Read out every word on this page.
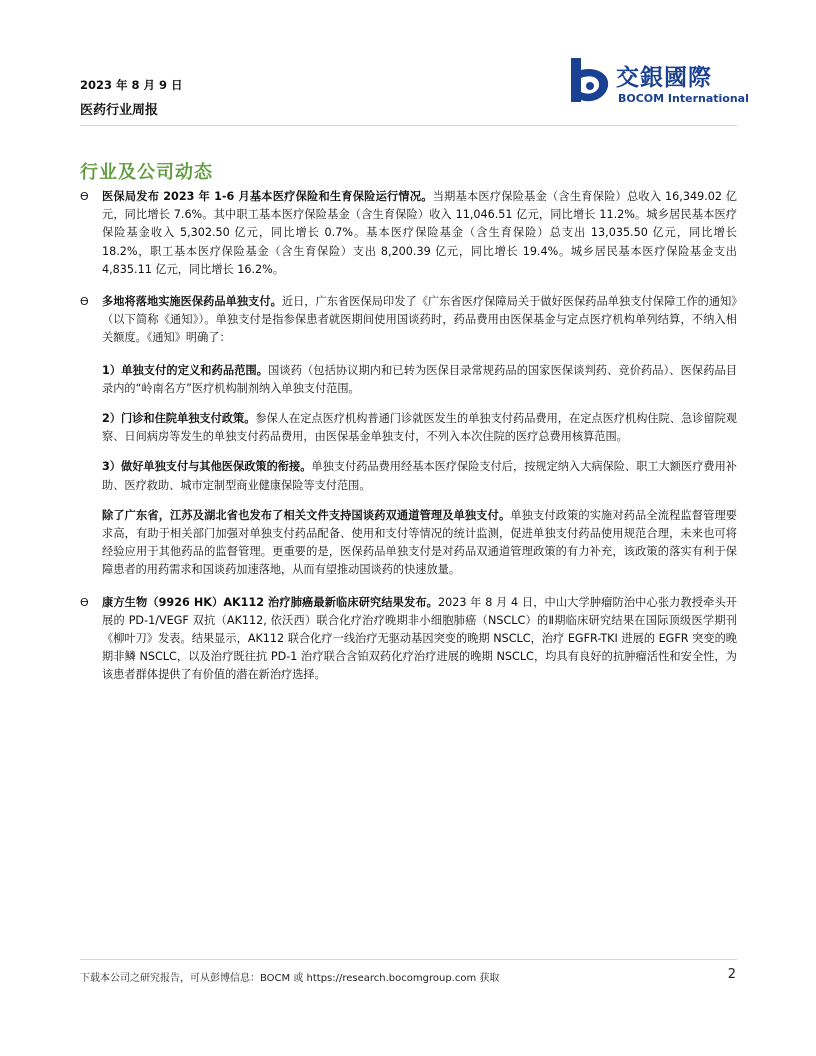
2023 年 8 月 9 日
医药行业周报
交銀國際
BOCOM International
行业及公司动态
ϴ 医保局发布 2023 年 1-6 月基本医疗保险和生育保险运行情况。当期基本医疗保险基金（含生育保险）总收入 16,349.02 亿元，同比增长 7.6%。其中职工基本医疗保险基金（含生育保险）收入 11,046.51 亿元，同比增长 11.2%。城乡居民基本医疗保险基金收入 5,302.50 亿元，同比增长 0.7%。基本医疗保险基金（含生育保险）总支出 13,035.50 亿元，同比增长 18.2%，职工基本医疗保险基金（含生育保险）支出 8,200.39 亿元，同比增长 19.4%。城乡居民基本医疗保险基金支出 4,835.11 亿元，同比增长 16.2%。
ϴ 多地将落地实施医保药品单独支付。近日，广东省医保局印发了《广东省医疗保障局关于做好医保药品单独支付保障工作的通知》（以下简称《通知》）。单独支付是指参保患者就医期间使用国谈药时，药品费用由医保基金与定点医疗机构单列结算，不纳入相关额度。《通知》明确了：
1）单独支付的定义和药品范围。国谈药（包括协议期内和已转为医保目录常规药品的国家医保谈判药、竞价药品）、医保药品目录内的“岭南名方”医疗机构制剂纳入单独支付范围。
2）门诊和住院单独支付政策。参保人在定点医疗机构普通门诊就医发生的单独支付药品费用，在定点医疗机构住院、急诊留院观察、日间病房等发生的单独支付药品费用，由医保基金单独支付，不列入本次住院的医疗总费用核算范围。
3）做好单独支付与其他医保政策的衔接。单独支付药品费用经基本医疗保险支付后，按规定纳入大病保险、职工大额医疗费用补助、医疗救助、城市定制型商业健康保险等支付范围。
除了广东省，江苏及湖北省也发布了相关文件支持国谈药双通道管理及单独支付。单独支付政策的实施对药品全流程监督管理要求高，有助于相关部门加强对单独支付药品配备、使用和支付等情况的统计监测，促进单独支付药品使用规范合理，未来也可将经验应用于其他药品的监督管理。更重要的是，医保药品单独支付是对药品双通道管理政策的有力补充，该政策的落实有利于保障患者的用药需求和国谈药加速落地，从而有望推动国谈药的快速放量。
ϴ 康方生物（9926 HK）AK112 治疗肺癌最新临床研究结果发布。2023 年 8 月 4 日，中山大学肿瘤防治中心张力教授牵头开展的 PD-1/VEGF 双抗（AK112, 依沃西）联合化疗治疗晚期非小细胞肺癌（NSCLC）的Ⅱ期临床研究结果在国际顶级医学期刊《柳叶刀》发表。结果显示，AK112 联合化疗一线治疗无驱动基因突变的晚期 NSCLC，治疗 EGFR-TKI 进展的 EGFR 突变的晚期非鳞 NSCLC，以及治疗既往抗 PD-1 治疗联合含铂双药化疗治疗进展的晚期 NSCLC，均具有良好的抗肿瘤活性和安全性，为该患者群体提供了有价值的潜在新治疗选择。
下载本公司之研究报告，可从彭博信息：BOCM 或 https://research.bocomgroup.com 获取	2
